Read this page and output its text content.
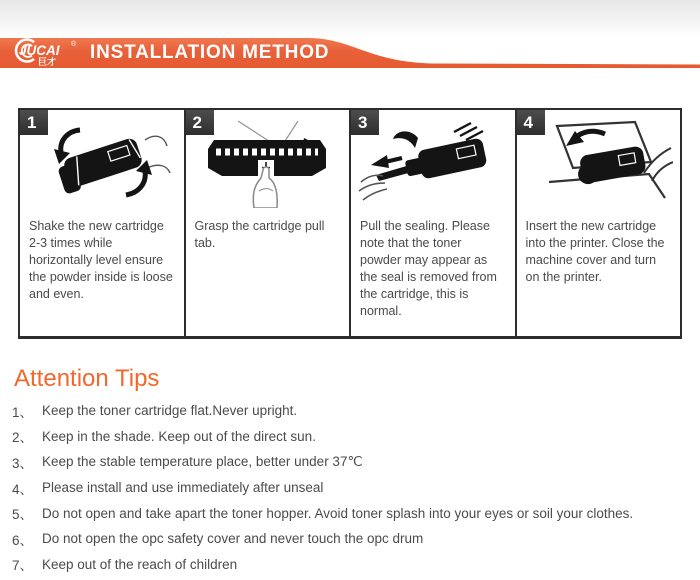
JUCAI ®
巨才 INSTALLATION METHOD
1
Shake the new cartridge 2-3 times while horizontally level ensure the powder inside is loose and even.
2
Grasp the cartridge pull tab.
3
Pull the sealing. Please note that the toner powder may appear as the seal is removed from the cartridge, this is normal.
4
Insert the new cartridge into the printer. Close the machine cover and turn on the printer.
Attention Tips
1、 Keep the toner cartridge flat.Never upright.
2、 Keep in the shade. Keep out of the direct sun.
3、 Keep the stable temperature place, better under 37℃
4、 Please install and use immediately after unseal
5、 Do not open and take apart the toner hopper. Avoid toner splash into your eyes or soil your clothes.
6、 Do not open the opc safety cover and never touch the opc drum
7、 Keep out of the reach of children
